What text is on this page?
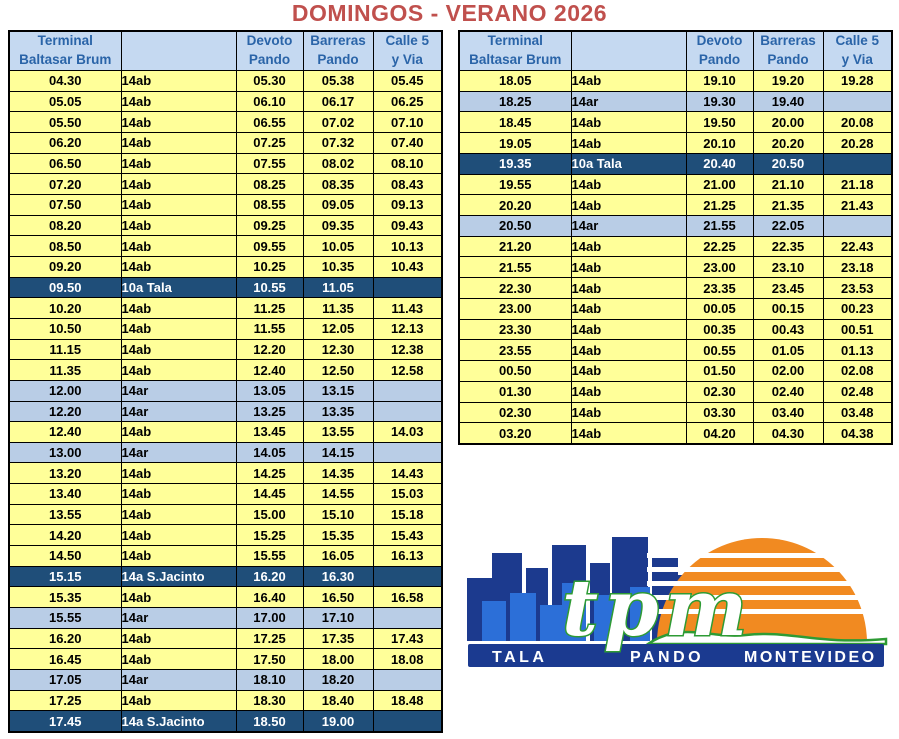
DOMINGOS - VERANO 2026
Terminal
Baltasar Brum		Devoto
Pando	Barreras
Pando	Calle 5
y Via
04.30	14ab	05.30	05.38	05.45
05.05	14ab	06.10	06.17	06.25
05.50	14ab	06.55	07.02	07.10
06.20	14ab	07.25	07.32	07.40
06.50	14ab	07.55	08.02	08.10
07.20	14ab	08.25	08.35	08.43
07.50	14ab	08.55	09.05	09.13
08.20	14ab	09.25	09.35	09.43
08.50	14ab	09.55	10.05	10.13
09.20	14ab	10.25	10.35	10.43
09.50	10a Tala	10.55	11.05	
10.20	14ab	11.25	11.35	11.43
10.50	14ab	11.55	12.05	12.13
11.15	14ab	12.20	12.30	12.38
11.35	14ab	12.40	12.50	12.58
12.00	14ar	13.05	13.15	
12.20	14ar	13.25	13.35	
12.40	14ab	13.45	13.55	14.03
13.00	14ar	14.05	14.15	
13.20	14ab	14.25	14.35	14.43
13.40	14ab	14.45	14.55	15.03
13.55	14ab	15.00	15.10	15.18
14.20	14ab	15.25	15.35	15.43
14.50	14ab	15.55	16.05	16.13
15.15	14a S.Jacinto	16.20	16.30	
15.35	14ab	16.40	16.50	16.58
15.55	14ar	17.00	17.10	
16.20	14ab	17.25	17.35	17.43
16.45	14ab	17.50	18.00	18.08
17.05	14ar	18.10	18.20	
17.25	14ab	18.30	18.40	18.48
17.45	14a S.Jacinto	18.50	19.00	
Terminal
Baltasar Brum		Devoto
Pando	Barreras
Pando	Calle 5
y Via
18.05	14ab	19.10	19.20	19.28
18.25	14ar	19.30	19.40	
18.45	14ab	19.50	20.00	20.08
19.05	14ab	20.10	20.20	20.28
19.35	10a Tala	20.40	20.50	
19.55	14ab	21.00	21.10	21.18
20.20	14ab	21.25	21.35	21.43
20.50	14ar	21.55	22.05	
21.20	14ab	22.25	22.35	22.43
21.55	14ab	23.00	23.10	23.18
22.30	14ab	23.35	23.45	23.53
23.00	14ab	00.05	00.15	00.23
23.30	14ab	00.35	00.43	00.51
23.55	14ab	00.55	01.05	01.13
00.50	14ab	01.50	02.00	02.08
01.30	14ab	02.30	02.40	02.48
02.30	14ab	03.30	03.40	03.48
03.20	14ab	04.20	04.30	04.38
TALA	PANDO MONTEVIDEO
tpm
